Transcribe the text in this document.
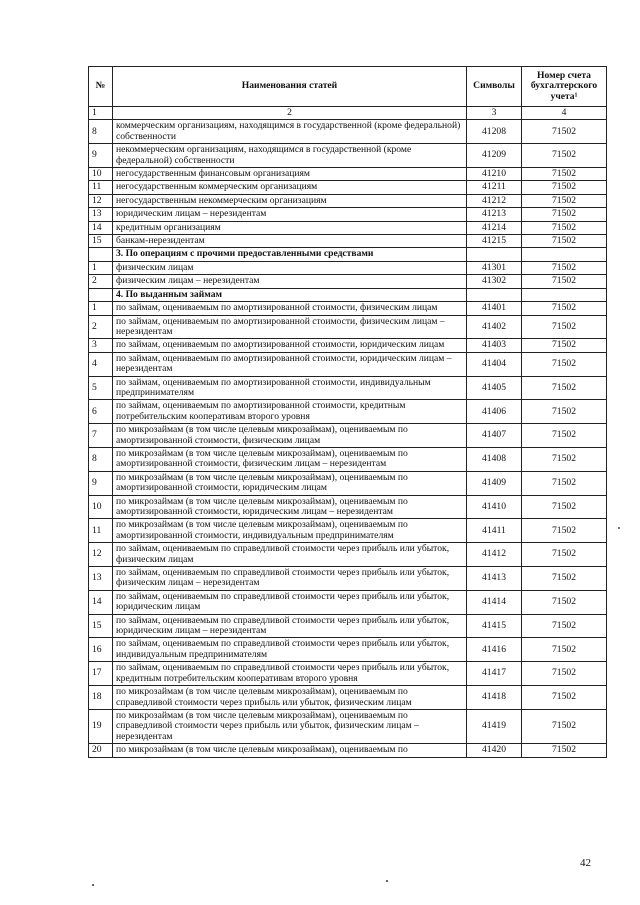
№	Наименования статей	Символы	Номер счета бухгалтерского учета¹
1	2	3	4
8	коммерческим организациям, находящимся в государственной (кроме федеральной) собственности	41208	71502
9	некоммерческим организациям, находящимся в государственной (кроме федеральной) собственности	41209	71502
10	негосударственным финансовым организациям	41210	71502
11	негосударственным коммерческим организациям	41211	71502
12	негосударственным некоммерческим организациям	41212	71502
13	юридическим лицам – нерезидентам	41213	71502
14	кредитным организациям	41214	71502
15	банкам-нерезидентам	41215	71502
	3. По операциям с прочими предоставленными средствами		
1	физическим лицам	41301	71502
2	физическим лицам – нерезидентам	41302	71502
	4. По выданным займам		
1	по займам, оцениваемым по амортизированной стоимости, физическим лицам	41401	71502
2	по займам, оцениваемым по амортизированной стоимости, физическим лицам – нерезидентам	41402	71502
3	по займам, оцениваемым по амортизированной стоимости, юридическим лицам	41403	71502
4	по займам, оцениваемым по амортизированной стоимости, юридическим лицам – нерезидентам	41404	71502
5	по займам, оцениваемым по амортизированной стоимости, индивидуальным предпринимателям	41405	71502
6	по займам, оцениваемым по амортизированной стоимости, кредитным потребительским кооперативам второго уровня	41406	71502
7	по микрозаймам (в том числе целевым микрозаймам), оцениваемым по амортизированной стоимости, физическим лицам	41407	71502
8	по микрозаймам (в том числе целевым микрозаймам), оцениваемым по амортизированной стоимости, физическим лицам – нерезидентам	41408	71502
9	по микрозаймам (в том числе целевым микрозаймам), оцениваемым по амортизированной стоимости, юридическим лицам	41409	71502
10	по микрозаймам (в том числе целевым микрозаймам), оцениваемым по амортизированной стоимости, юридическим лицам – нерезидентам	41410	71502
11	по микрозаймам (в том числе целевым микрозаймам), оцениваемым по амортизированной стоимости, индивидуальным предпринимателям	41411	71502
12	по займам, оцениваемым по справедливой стоимости через прибыль или убыток, физическим лицам	41412	71502
13	по займам, оцениваемым по справедливой стоимости через прибыль или убыток, физическим лицам – нерезидентам	41413	71502
14	по займам, оцениваемым по справедливой стоимости через прибыль или убыток, юридическим лицам	41414	71502
15	по займам, оцениваемым по справедливой стоимости через прибыль или убыток, юридическим лицам – нерезидентам	41415	71502
16	по займам, оцениваемым по справедливой стоимости через прибыль или убыток, индивидуальным предпринимателям	41416	71502
17	по займам, оцениваемым по справедливой стоимости через прибыль или убыток, кредитным потребительским кооперативам второго уровня	41417	71502
18	по микрозаймам (в том числе целевым микрозаймам), оцениваемым по справедливой стоимости через прибыль или убыток, физическим лицам	41418	71502
19	по микрозаймам (в том числе целевым микрозаймам), оцениваемым по справедливой стоимости через прибыль или убыток, физическим лицам – нерезидентам	41419	71502
20	по микрозаймам (в том числе целевым микрозаймам), оцениваемым по	41420	71502
42
